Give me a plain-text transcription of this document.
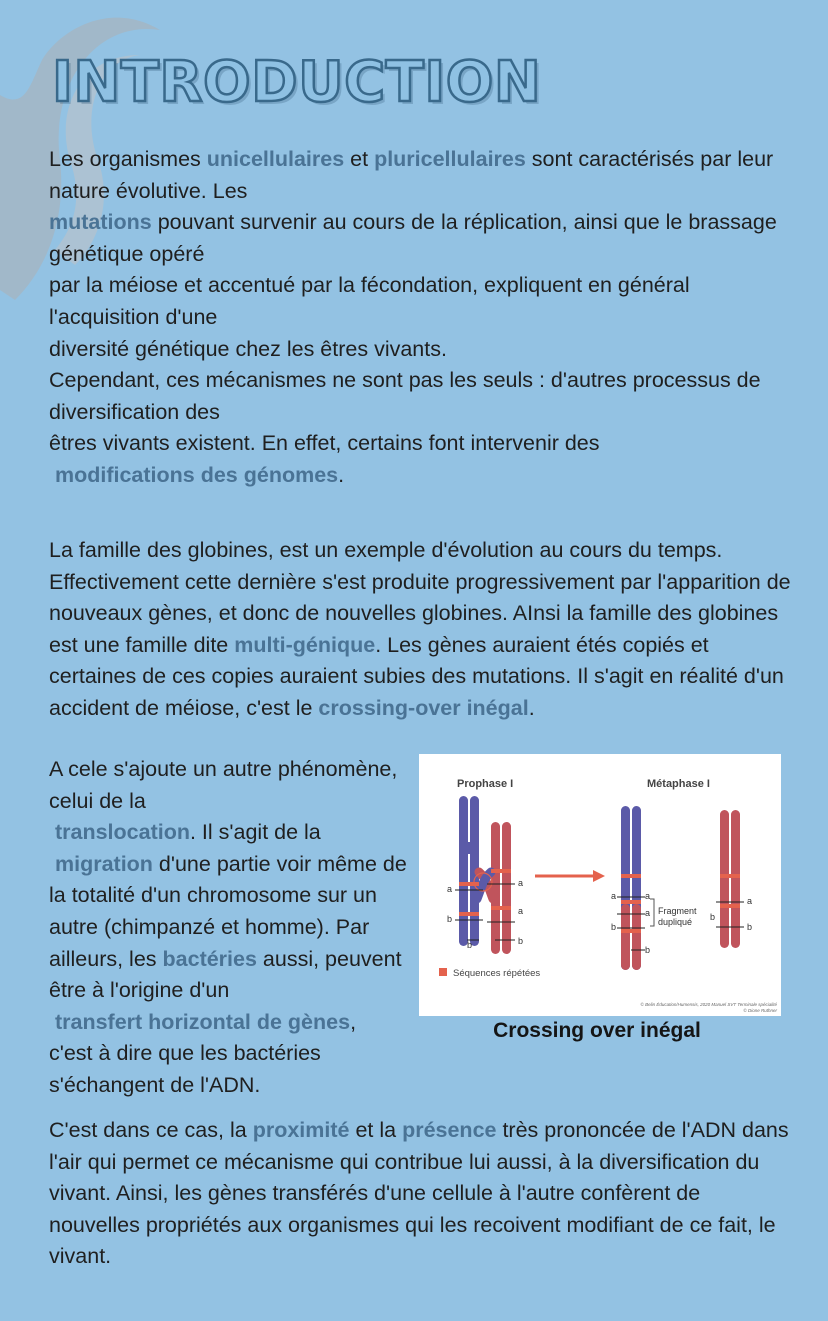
INTRODUCTION

Les organismes unicellulaires et pluricellulaires sont caractérisés par leur nature évolutive. Les

mutations pouvant survenir au cours de la réplication, ainsi que le brassage génétique opéré

par la méiose et accentué par la fécondation, expliquent en général l'acquisition d'une

diversité génétique chez les êtres vivants.

Cependant, ces mécanismes ne sont pas les seuls : d'autres processus de diversification des

êtres vivants existent. En effet, certains font intervenir des

modifications des génomes.

La famille des globines, est un exemple d'évolution au cours du temps. Effectivement cette dernière s'est produite progressivement par l'apparition de nouveaux gènes, et donc de nouvelles globines. AInsi la famille des globines est une famille dite multi-génique. Les gènes auraient étés copiés et certaines de ces copies auraient subies des mutations. Il s'agit en réalité d'un accident de méiose, c'est le crossing-over inégal.

A cele s'ajoute un autre phénomène, celui de la
translocation. Il s'agit de la
migration d'une partie voir même de la totalité d'un chromosome sur un autre (chimpanzé et homme). Par ailleurs, les bactéries aussi, peuvent être à l'origine d'un
transfert horizontal de gènes,

c'est à dire que les bactéries s'échangent de l'ADN.

Prophase I	Métaphase I
a
b
a
a
b	b
a
b
a
a
b
b
a
b
Fragment
dupliqué
Séquences répétées
© Belin Éducation/Humensis, 2020 Manuel SVT Terminale spécialité
© Dione Ruthner
Crossing over inégal

C'est dans ce cas, la proximité et la présence très prononcée de l'ADN dans l'air qui permet ce mécanisme qui contribue lui aussi, à la diversification du vivant. Ainsi, les gènes transférés d'une cellule à l'autre confèrent de nouvelles propriétés aux organismes qui les recoivent modifiant de ce fait, le vivant.
